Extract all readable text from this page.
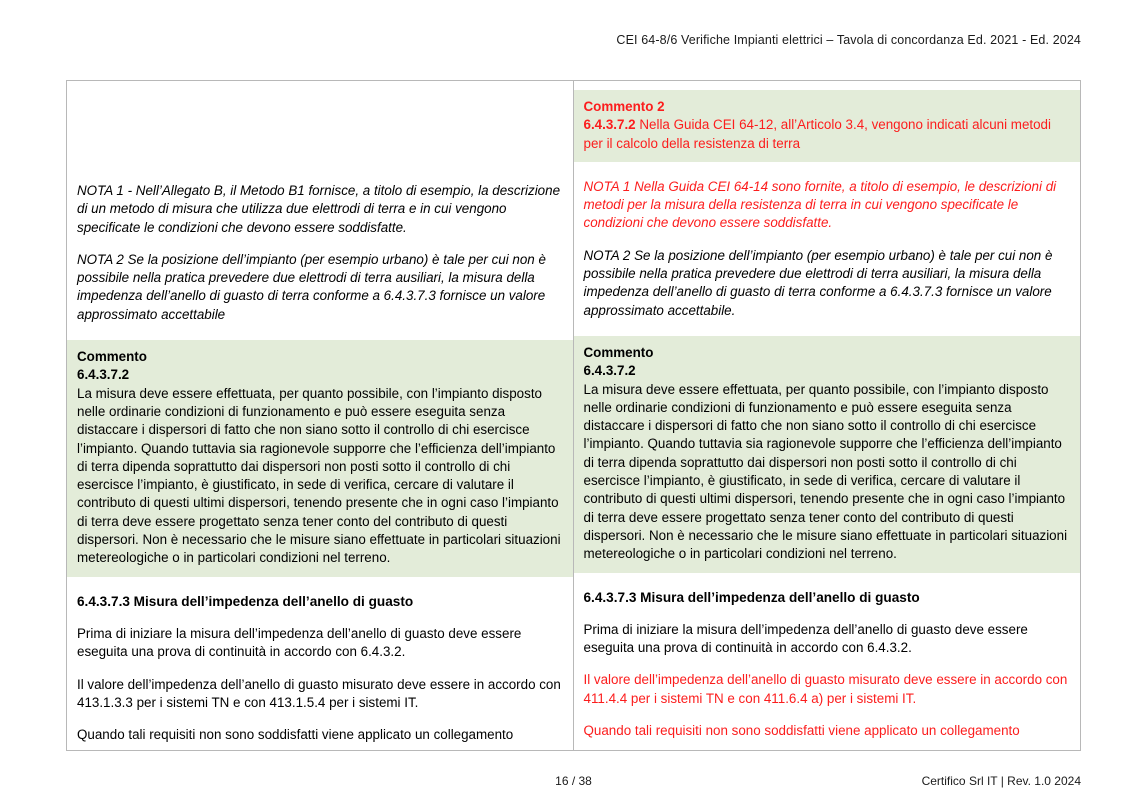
CEI 64-8/6 Verifiche Impianti elettrici – Tavola di concordanza Ed. 2021 - Ed. 2024

NOTA 1 - Nell’Allegato B, il Metodo B1 fornisce, a titolo di esempio, la descrizione di un metodo di misura che utilizza due elettrodi di terra e in cui vengono specificate le condizioni che devono essere soddisfatte.

NOTA 2 Se la posizione dell’impianto (per esempio urbano) è tale per cui non è possibile nella pratica prevedere due elettrodi di terra ausiliari, la misura della impedenza dell’anello di guasto di terra conforme a 6.4.3.7.3 fornisce un valore approssimato accettabile

Commento

6.4.3.7.2

La misura deve essere effettuata, per quanto possibile, con l’impianto disposto nelle ordinarie condizioni di funzionamento e può essere eseguita senza distaccare i dispersori di fatto che non siano sotto il controllo di chi esercisce l’impianto. Quando tuttavia sia ragionevole supporre che l’efficienza dell’impianto di terra dipenda soprattutto dai dispersori non posti sotto il controllo di chi esercisce l’impianto, è giustificato, in sede di verifica, cercare di valutare il contributo di questi ultimi dispersori, tenendo presente che in ogni caso l’impianto di terra deve essere progettato senza tener conto del contributo di questi dispersori. Non è necessario che le misure siano effettuate in particolari situazioni metereologiche o in particolari condizioni nel terreno.

6.4.3.7.3 Misura dell’impedenza dell’anello di guasto

Prima di iniziare la misura dell’impedenza dell’anello di guasto deve essere eseguita una prova di continuità in accordo con 6.4.3.2.

Il valore dell’impedenza dell’anello di guasto misurato deve essere in accordo con 413.1.3.3 per i sistemi TN e con 413.1.5.4 per i sistemi IT.

Quando tali requisiti non sono soddisfatti viene applicato un collegamento

Commento 2

6.4.3.7.2 Nella Guida CEI 64-12, all’Articolo 3.4, vengono indicati alcuni metodi per il calcolo della resistenza di terra

NOTA 1 Nella Guida CEI 64-14 sono fornite, a titolo di esempio, le descrizioni di metodi per la misura della resistenza di terra in cui vengono specificate le condizioni che devono essere soddisfatte.

NOTA 2 Se la posizione dell’impianto (per esempio urbano) è tale per cui non è possibile nella pratica prevedere due elettrodi di terra ausiliari, la misura della impedenza dell’anello di guasto di terra conforme a 6.4.3.7.3 fornisce un valore approssimato accettabile.

Commento

6.4.3.7.2

La misura deve essere effettuata, per quanto possibile, con l’impianto disposto nelle ordinarie condizioni di funzionamento e può essere eseguita senza distaccare i dispersori di fatto che non siano sotto il controllo di chi esercisce l’impianto. Quando tuttavia sia ragionevole supporre che l’efficienza dell’impianto di terra dipenda soprattutto dai dispersori non posti sotto il controllo di chi esercisce l’impianto, è giustificato, in sede di verifica, cercare di valutare il contributo di questi ultimi dispersori, tenendo presente che in ogni caso l’impianto di terra deve essere progettato senza tener conto del contributo di questi dispersori. Non è necessario che le misure siano effettuate in particolari situazioni metereologiche o in particolari condizioni nel terreno.

6.4.3.7.3 Misura dell’impedenza dell’anello di guasto

Prima di iniziare la misura dell’impedenza dell’anello di guasto deve essere eseguita una prova di continuità in accordo con 6.4.3.2.

Il valore dell’impedenza dell’anello di guasto misurato deve essere in accordo con 411.4.4 per i sistemi TN e con 411.6.4 a) per i sistemi IT.

Quando tali requisiti non sono soddisfatti viene applicato un collegamento

16 / 38	Certifico Srl IT | Rev. 1.0 2024
